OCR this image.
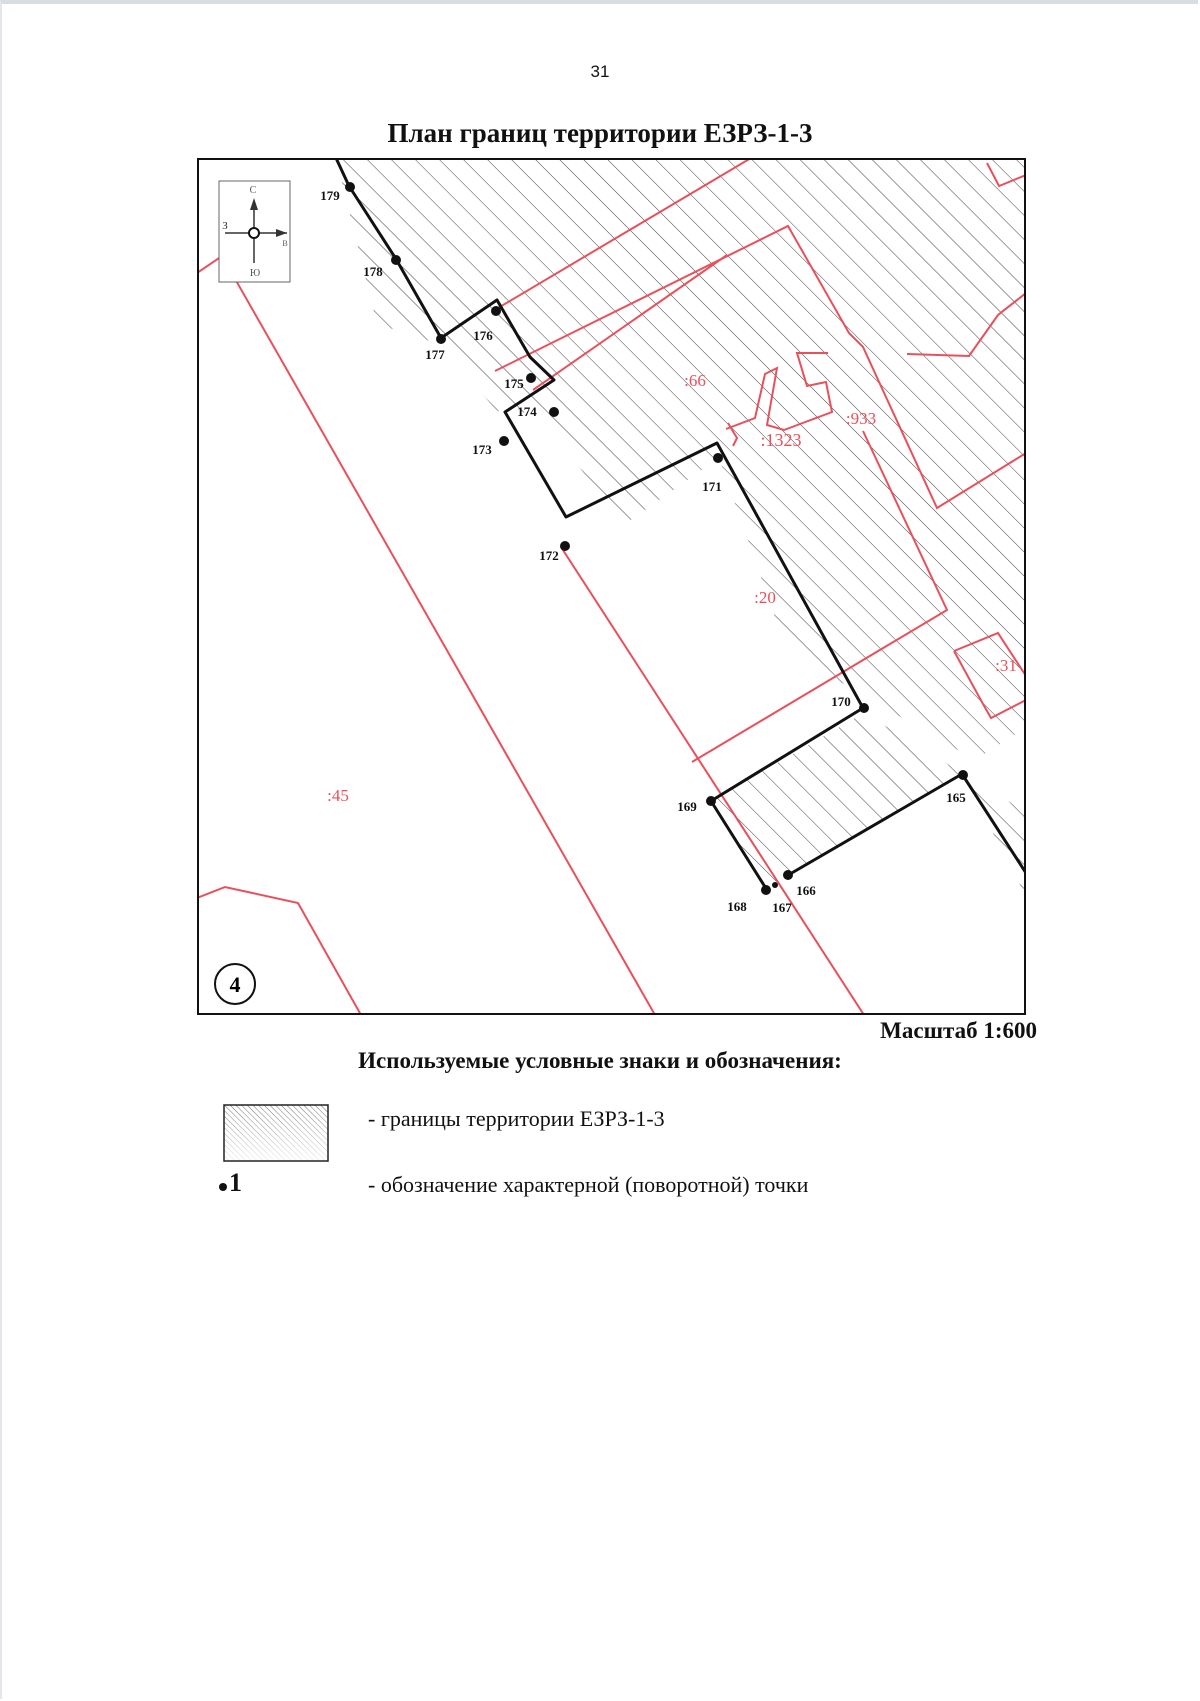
31
План границ территории ЕЗРЗ-1-3
С
З
Ю
В
:66
:1323
:933
:20
:31
:45	165
166
167
168
169
170
171
172
173
174
175
176
177
178
179
4
Масштаб 1:600
Используемые условные знаки и обозначения:
- границы территории ЕЗРЗ-1-3
1	- обозначение характерной (поворотной) точки
